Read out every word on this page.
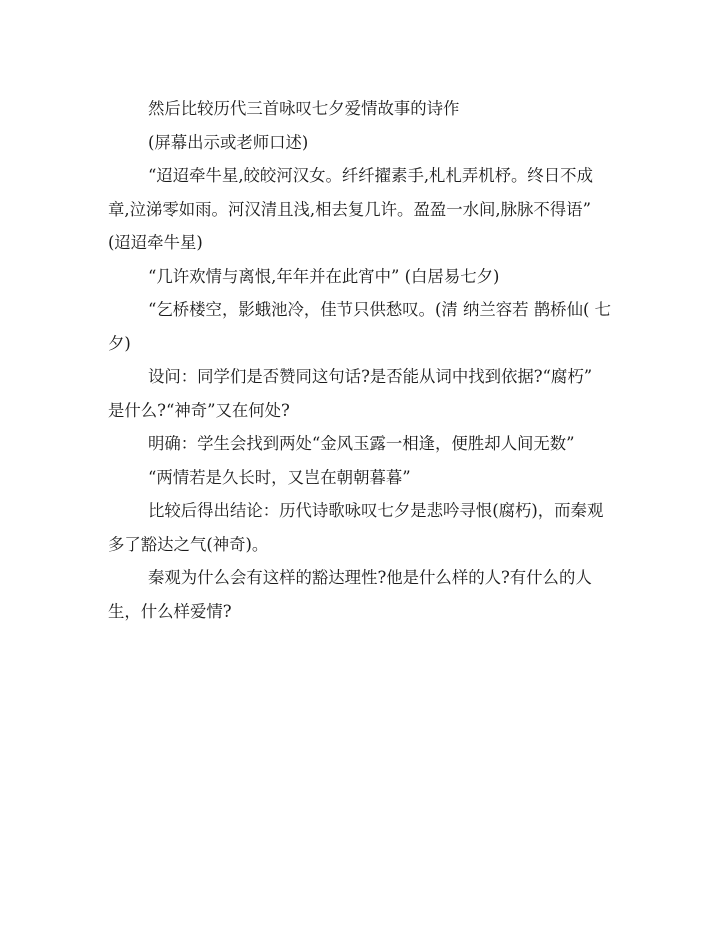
然后比较历代三首咏叹七夕爱情故事的诗作

(屏幕出示或老师口述)

“迢迢牵牛星,皎皎河汉女。纤纤擢素手,札札弄机杼。终日不成章,泣涕零如雨。河汉清且浅,相去复几许。盈盈一水间,脉脉不得语” (迢迢牵牛星)

“几许欢情与离恨,年年并在此宵中” (白居易七夕)

“乞桥楼空，影蛾池冷，佳节只供愁叹。(清 纳兰容若 鹊桥仙( 七夕)

设问：同学们是否赞同这句话?是否能从词中找到依据?“腐朽” 是什么?“神奇”又在何处?

明确：学生会找到两处“金风玉露一相逢，便胜却人间无数”

“两情若是久长时，又岂在朝朝暮暮”

比较后得出结论：历代诗歌咏叹七夕是悲吟寻恨(腐朽)，而秦观多了豁达之气(神奇)。

秦观为什么会有这样的豁达理性?他是什么样的人?有什么的人生，什么样爱情?
